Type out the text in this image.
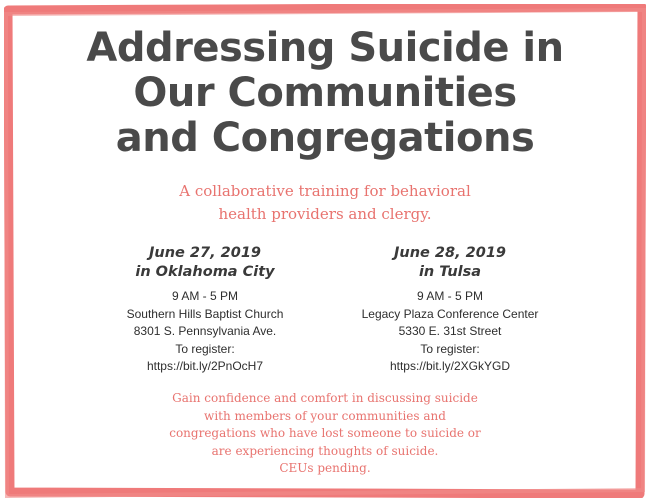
Addressing Suicide in
Our Communities
and Congregations
A collaborative training for behavioral
health providers and clergy.
June 27, 2019
in Oklahoma City
9 AM - 5 PM
Southern Hills Baptist Church
8301 S. Pennsylvania Ave.
To register:
https://bit.ly/2PnOcH7
June 28, 2019
in Tulsa
9 AM - 5 PM
Legacy Plaza Conference Center
5330 E. 31st Street
To register:
https://bit.ly/2XGkYGD
Gain confidence and comfort in discussing suicide
with members of your communities and
congregations who have lost someone to suicide or
are experiencing thoughts of suicide.
CEUs pending.
